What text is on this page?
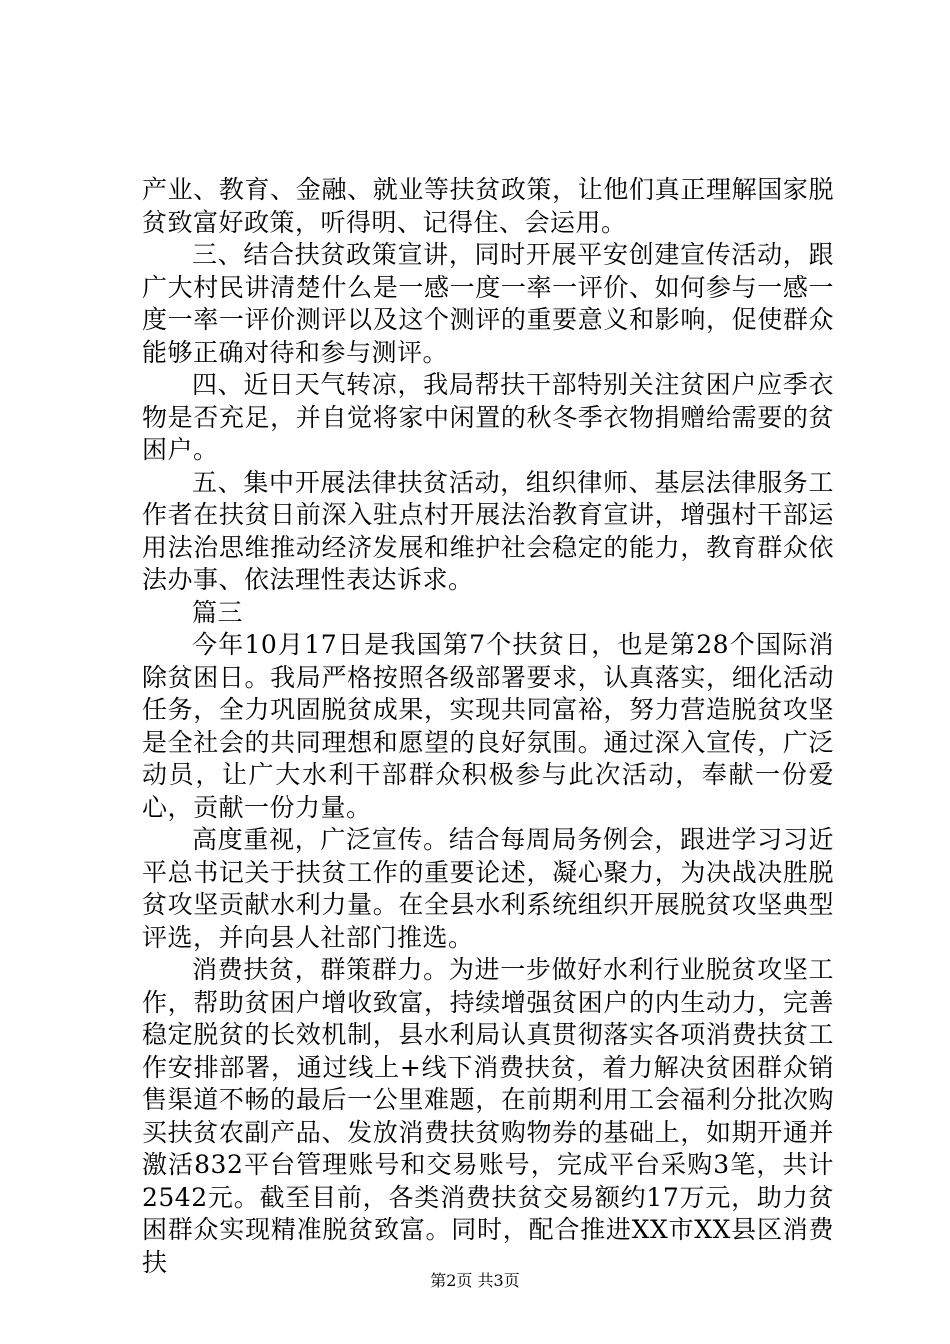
产业、教育、金融、就业等扶贫政策，让他们真正理解国家脱贫致富好政策，听得明、记得住、会运用。

三、结合扶贫政策宣讲，同时开展平安创建宣传活动，跟广大村民讲清楚什么是一感一度一率一评价、如何参与一感一度一率一评价测评以及这个测评的重要意义和影响，促使群众能够正确对待和参与测评。

四、近日天气转凉，我局帮扶干部特别关注贫困户应季衣物是否充足，并自觉将家中闲置的秋冬季衣物捐赠给需要的贫困户。

五、集中开展法律扶贫活动，组织律师、基层法律服务工作者在扶贫日前深入驻点村开展法治教育宣讲，增强村干部运用法治思维推动经济发展和维护社会稳定的能力，教育群众依法办事、依法理性表达诉求。

篇三

今年10月17日是我国第7个扶贫日，也是第28个国际消除贫困日。我局严格按照各级部署要求，认真落实，细化活动任务，全力巩固脱贫成果，实现共同富裕，努力营造脱贫攻坚是全社会的共同理想和愿望的良好氛围。通过深入宣传，广泛动员，让广大水利干部群众积极参与此次活动，奉献一份爱心，贡献一份力量。

高度重视，广泛宣传。结合每周局务例会，跟进学习习近平总书记关于扶贫工作的重要论述，凝心聚力，为决战决胜脱贫攻坚贡献水利力量。在全县水利系统组织开展脱贫攻坚典型评选，并向县人社部门推选。

消费扶贫，群策群力。为进一步做好水利行业脱贫攻坚工作，帮助贫困户增收致富，持续增强贫困户的内生动力，完善稳定脱贫的长效机制，县水利局认真贯彻落实各项消费扶贫工作安排部署，通过线上+线下消费扶贫，着力解决贫困群众销售渠道不畅的最后一公里难题，在前期利用工会福利分批次购买扶贫农副产品、发放消费扶贫购物券的基础上，如期开通并激活832平台管理账号和交易账号，完成平台采购3笔，共计2542元。截至目前，各类消费扶贫交易额约17万元，助力贫困群众实现精准脱贫致富。同时，配合推进XX市XX县区消费扶

第2页 共3页
